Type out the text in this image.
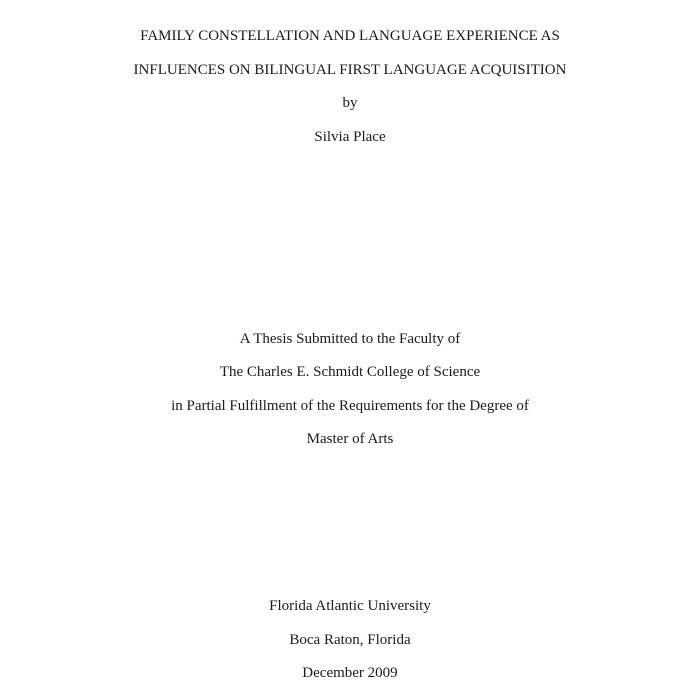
FAMILY CONSTELLATION AND LANGUAGE EXPERIENCE AS
INFLUENCES ON BILINGUAL FIRST LANGUAGE ACQUISITION
by
Silvia Place
A Thesis Submitted to the Faculty of
The Charles E. Schmidt College of Science
in Partial Fulfillment of the Requirements for the Degree of
Master of Arts
Florida Atlantic University
Boca Raton, Florida
December 2009
